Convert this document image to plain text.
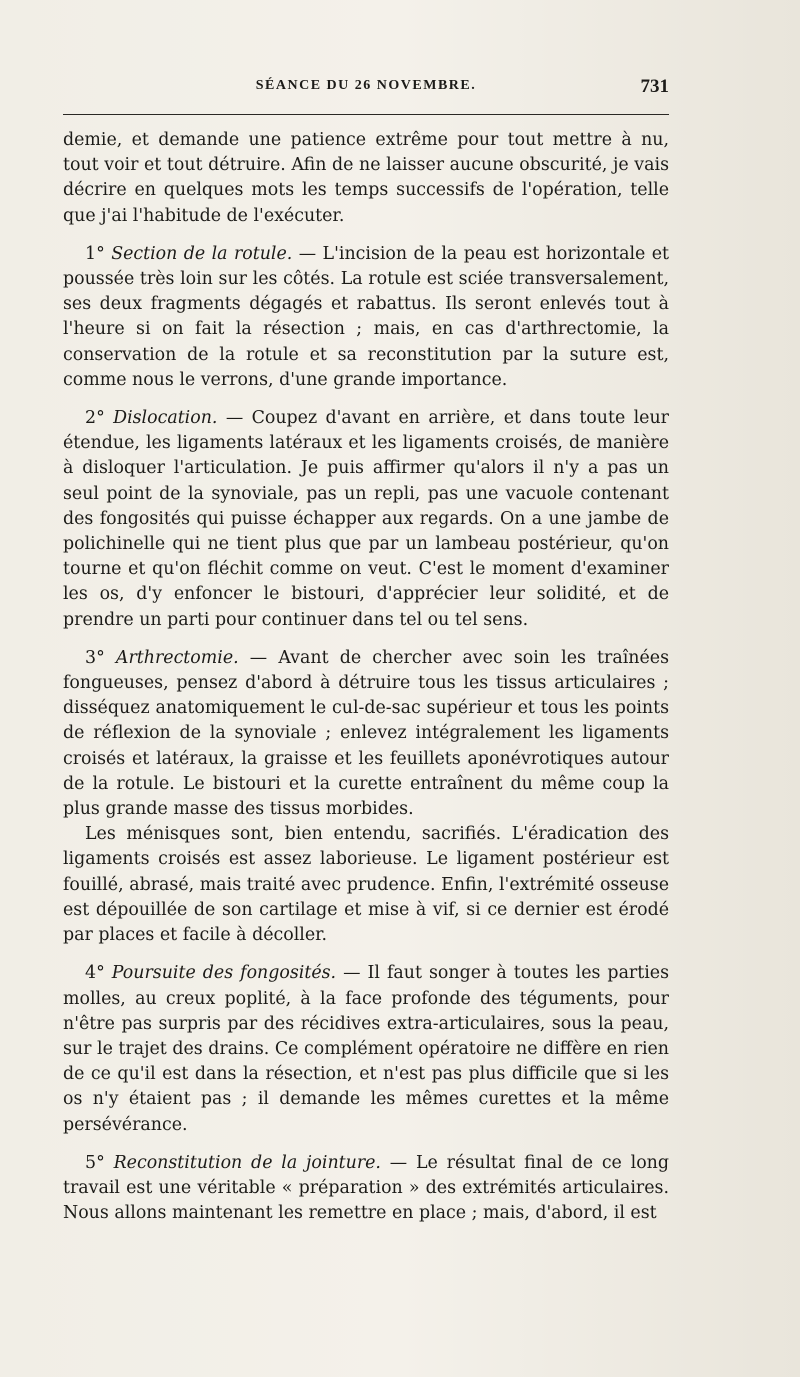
SÉANCE DU 26 NOVEMBRE.	731

demie, et demande une patience extrême pour tout mettre à nu, tout voir et tout détruire. Afin de ne laisser aucune obscurité, je vais décrire en quelques mots les temps successifs de l'opération, telle que j'ai l'habitude de l'exécuter.

1° Section de la rotule. — L'incision de la peau est horizontale et poussée très loin sur les côtés. La rotule est sciée transversalement, ses deux fragments dégagés et rabattus. Ils seront enlevés tout à l'heure si on fait la résection ; mais, en cas d'arthrectomie, la conservation de la rotule et sa reconstitution par la suture est, comme nous le verrons, d'une grande importance.

2° Dislocation. — Coupez d'avant en arrière, et dans toute leur étendue, les ligaments latéraux et les ligaments croisés, de manière à disloquer l'articulation. Je puis affirmer qu'alors il n'y a pas un seul point de la synoviale, pas un repli, pas une vacuole contenant des fongosités qui puisse échapper aux regards. On a une jambe de polichinelle qui ne tient plus que par un lambeau postérieur, qu'on tourne et qu'on fléchit comme on veut. C'est le moment d'examiner les os, d'y enfoncer le bistouri, d'apprécier leur solidité, et de prendre un parti pour continuer dans tel ou tel sens.

3° Arthrectomie. — Avant de chercher avec soin les traînées fongueuses, pensez d'abord à détruire tous les tissus articulaires ; disséquez anatomiquement le cul-de-sac supérieur et tous les points de réflexion de la synoviale ; enlevez intégralement les ligaments croisés et latéraux, la graisse et les feuillets aponévrotiques autour de la rotule. Le bistouri et la curette entraînent du même coup la plus grande masse des tissus morbides.

Les ménisques sont, bien entendu, sacrifiés. L'éradication des ligaments croisés est assez laborieuse. Le ligament postérieur est fouillé, abrasé, mais traité avec prudence. Enfin, l'extrémité osseuse est dépouillée de son cartilage et mise à vif, si ce dernier est érodé par places et facile à décoller.

4° Poursuite des fongosités. — Il faut songer à toutes les parties molles, au creux poplité, à la face profonde des téguments, pour n'être pas surpris par des récidives extra-articulaires, sous la peau, sur le trajet des drains. Ce complément opératoire ne diffère en rien de ce qu'il est dans la résection, et n'est pas plus difficile que si les os n'y étaient pas ; il demande les mêmes curettes et la même persévérance.

5° Reconstitution de la jointure. — Le résultat final de ce long travail est une véritable « préparation » des extrémités articulaires. Nous allons maintenant les remettre en place ; mais, d'abord, il est
